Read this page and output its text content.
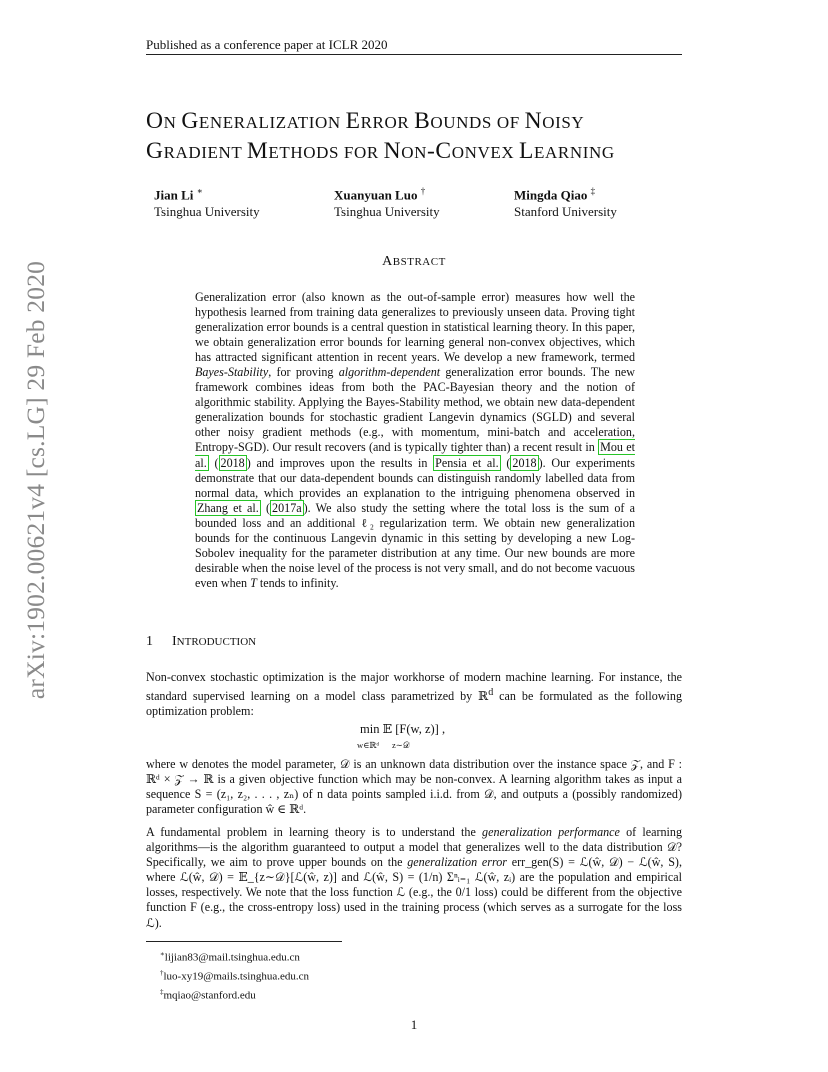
Published as a conference paper at ICLR 2020
arXiv:1902.00621v4 [cs.LG] 29 Feb 2020
ON GENERALIZATION ERROR BOUNDS OF NOISY
GRADIENT METHODS FOR NON-CONVEX LEARNING
Jian Li ∗
Tsinghua University
Xuanyuan Luo †
Tsinghua University
Mingda Qiao ‡
Stanford University
ABSTRACT
Generalization error (also known as the out-of-sample error) measures how well the hypothesis learned from training data generalizes to previously unseen data. Proving tight generalization error bounds is a central question in statistical learning theory. In this paper, we obtain generalization error bounds for learning general non-convex objectives, which has attracted significant attention in recent years. We develop a new framework, termed Bayes-Stability, for proving algorithm-dependent generalization error bounds. The new framework combines ideas from both the PAC-Bayesian theory and the notion of algorithmic stability. Applying the Bayes-Stability method, we obtain new data-dependent generalization bounds for stochastic gradient Langevin dynamics (SGLD) and several other noisy gradient methods (e.g., with momentum, mini-batch and acceleration, Entropy-SGD). Our result recovers (and is typically tighter than) a recent result in Mou et al. ( 2018 ) and improves upon the results in Pensia et al. ( 2018 ). Our experiments demonstrate that our data-dependent bounds can distinguish randomly labelled data from normal data, which provides an explanation to the intriguing phenomena observed in Zhang et al. ( 2017a ). We also study the setting where the total loss is the sum of a bounded loss and an additional ℓ₂ regularization term. We obtain new generalization bounds for the continuous Langevin dynamic in this setting by developing a new Log-Sobolev inequality for the parameter distribution at any time. Our new bounds are more desirable when the noise level of the process is not very small, and do not become vacuous even when T tends to infinity.
1 INTRODUCTION
Non-convex stochastic optimization is the major workhorse of modern machine learning. For instance, the standard supervised learning on a model class parametrized by ℝ$^d$ can be formulated as the following optimization problem:
min 𝔼 [F(w, z)] ,
w∈ℝᵈ z∼𝒟
where w denotes the model parameter, 𝒟 is an unknown data distribution over the instance space 𝒵, and F : ℝᵈ × 𝒵 → ℝ is a given objective function which may be non-convex. A learning algorithm takes as input a sequence S = (z₁, z₂, . . . , zₙ) of n data points sampled i.i.d. from 𝒟, and outputs a (possibly randomized) parameter configuration ŵ ∈ ℝᵈ.
A fundamental problem in learning theory is to understand the generalization performance of learning algorithms—is the algorithm guaranteed to output a model that generalizes well to the data distribution 𝒟? Specifically, we aim to prove upper bounds on the generalization error err_gen(S) = ℒ(ŵ, 𝒟) − ℒ(ŵ, S), where ℒ(ŵ, 𝒟) = 𝔼_{z∼𝒟}[ℒ(ŵ, z)] and ℒ(ŵ, S) = (1/n) Σⁿᵢ₌₁ ℒ(ŵ, zᵢ) are the population and empirical losses, respectively. We note that the loss function ℒ (e.g., the 0/1 loss) could be different from the objective function F (e.g., the cross-entropy loss) used in the training process (which serves as a surrogate for the loss ℒ).
∗lijian83@mail.tsinghua.edu.cn
†luo-xy19@mails.tsinghua.edu.cn
‡mqiao@stanford.edu
1
